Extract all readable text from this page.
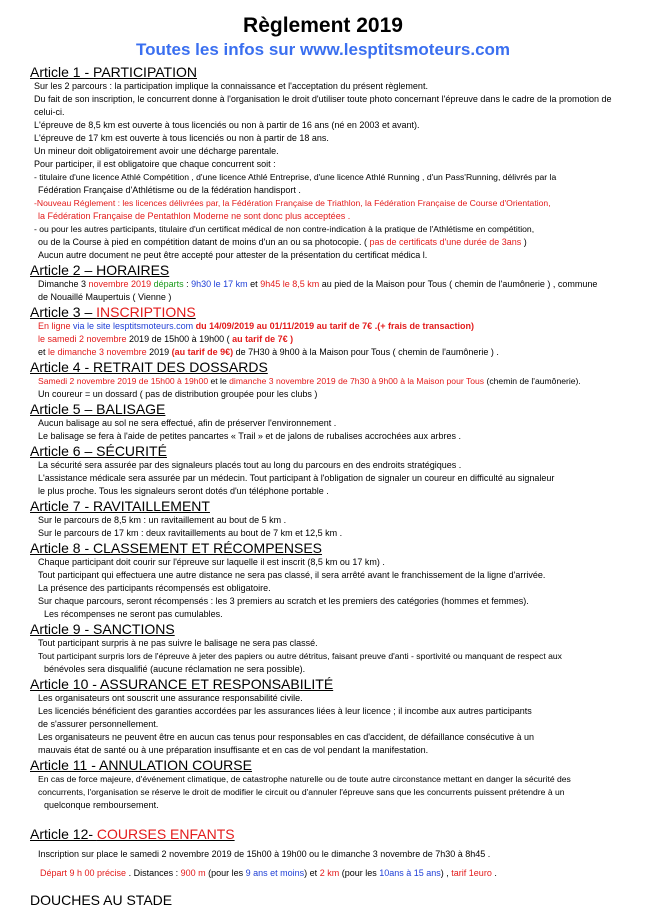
Règlement 2019
Toutes les infos sur www.lesptitsmoteurs.com

Article 1 - PARTICIPATION

Sur les 2 parcours : la participation implique la connaissance et l'acceptation du présent règlement.

Du fait de son inscription, le concurrent donne à l'organisation le droit d'utiliser toute photo concernant l'épreuve dans le cadre de la promotion de celui-ci.

L'épreuve de 8,5 km est ouverte à tous licenciés ou non à partir de 16 ans (né en 2003 et avant).

L'épreuve de 17 km est ouverte à tous licenciés ou non à partir de 18 ans.

Un mineur doit obligatoirement avoir une décharge parentale.

Pour participer, il est obligatoire que chaque concurrent soit :

- titulaire d'une licence Athlé Compétition , d'une licence Athlé Entreprise, d'une licence Athlé Running , d'un Pass'Running, délivrés par la

Fédération Française d'Athlétisme ou de la fédération handisport .

-Nouveau Réglement : les licences délivrées par, la Fédération Française de Triathlon, la Fédération Française de Course d'Orientation,

la Fédération Française de Pentathlon Moderne ne sont donc plus acceptées .

- ou pour les autres participants, titulaire d'un certificat médical de non contre-indication à la pratique de l'Athlétisme en compétition,

ou de la Course à pied en compétition datant de moins d'un an ou sa photocopie. ( pas de certificats d'une durée de 3ans )

Aucun autre document ne peut être accepté pour attester de la présentation du certificat médica l.

Article 2 – HORAIRES

Dimanche 3 novembre 2019 départs : 9h30 le 17 km et 9h45 le 8,5 km au pied de la Maison pour Tous ( chemin de l'aumônerie ) , commune

de Nouaillé Maupertuis ( Vienne )

Article 3 – INSCRIPTIONS

En ligne via le site lesptitsmoteurs.com du 14/09/2019 au 01/11/2019 au tarif de 7€ .(+ frais de transaction)

le samedi 2 novembre 2019 de 15h00 à 19h00 ( au tarif de 7€ )

et le dimanche 3 novembre 2019 (au tarif de 9€) de 7H30 à 9h00 à la Maison pour Tous ( chemin de l'aumônerie ) .

Article 4 - RETRAIT DES DOSSARDS

Samedi 2 novembre 2019 de 15h00 à 19h00 et le dimanche 3 novembre 2019 de 7h30 à 9h00 à la Maison pour Tous (chemin de l'aumônerie).

Un coureur = un dossard ( pas de distribution groupée pour les clubs )

Article 5 – BALISAGE

Aucun balisage au sol ne sera effectué, afin de préserver l'environnement .

Le balisage se fera à l'aide de petites pancartes « Trail » et de jalons de rubalises accrochées aux arbres .

Article 6 – SÉCURITÉ

La sécurité sera assurée par des signaleurs placés tout au long du parcours en des endroits stratégiques .

L'assistance médicale sera assurée par un médecin. Tout participant à l'obligation de signaler un coureur en difficulté au signaleur

le plus proche. Tous les signaleurs seront dotés d'un téléphone portable .

Article 7 - RAVITAILLEMENT

Sur le parcours de 8,5 km : un ravitaillement au bout de 5 km .

Sur le parcours de 17 km : deux ravitaillements au bout de 7 km et 12,5 km .

Article 8 - CLASSEMENT ET RÉCOMPENSES

Chaque participant doit courir sur l'épreuve sur laquelle il est inscrit (8,5 km ou 17 km) .

Tout participant qui effectuera une autre distance ne sera pas classé, il sera arrêté avant le franchissement de la ligne d'arrivée.

La présence des participants récompensés est obligatoire.

Sur chaque parcours, seront récompensés : les 3 premiers au scratch et les premiers des catégories (hommes et femmes).

Les récompenses ne seront pas cumulables.

Article 9 - SANCTIONS

Tout participant surpris à ne pas suivre le balisage ne sera pas classé.

Tout participant surpris lors de l'épreuve à jeter des papiers ou autre détritus, faisant preuve d'anti - sportivité ou manquant de respect aux

bénévoles sera disqualifié (aucune réclamation ne sera possible).

Article 10 - ASSURANCE ET RESPONSABILITÉ

Les organisateurs ont souscrit une assurance responsabilité civile.

Les licenciés bénéficient des garanties accordées par les assurances liées à leur licence ; il incombe aux autres participants

de s'assurer personnellement.

Les organisateurs ne peuvent être en aucun cas tenus pour responsables en cas d'accident, de défaillance consécutive à un

mauvais état de santé ou à une préparation insuffisante et en cas de vol pendant la manifestation.

Article 11 - ANNULATION COURSE

En cas de force majeure, d'événement climatique, de catastrophe naturelle ou de toute autre circonstance mettant en danger la sécurité des

concurrents, l'organisation se réserve le droit de modifier le circuit ou d'annuler l'épreuve sans que les concurrents puissent prétendre à un

quelconque remboursement.

Article 12- COURSES ENFANTS

Inscription sur place le samedi 2 novembre 2019 de 15h00 à 19h00 ou le dimanche 3 novembre de 7h30 à 8h45 .

Départ 9 h 00 précise . Distances : 900 m (pour les 9 ans et moins) et 2 km (pour les 10ans à 15 ans) , tarif 1euro .

DOUCHES AU STADE
